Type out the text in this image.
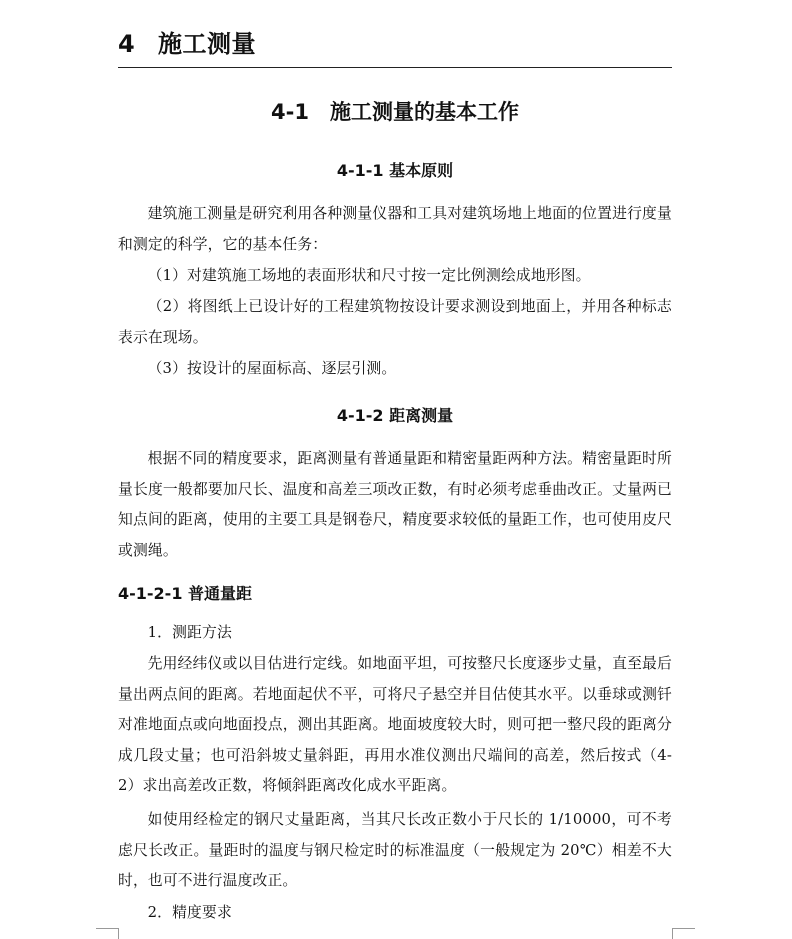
4 施工测量
4-1　施工测量的基本工作
4-1-1 基本原则
建筑施工测量是研究利用各种测量仪器和工具对建筑场地上地面的位置进行度量和测定的科学，它的基本任务：
（1）对建筑施工场地的表面形状和尺寸按一定比例测绘成地形图。
（2）将图纸上已设计好的工程建筑物按设计要求测设到地面上，并用各种标志表示在现场。
（3）按设计的屋面标高、逐层引测。
4-1-2 距离测量
根据不同的精度要求，距离测量有普通量距和精密量距两种方法。精密量距时所量长度一般都要加尺长、温度和高差三项改正数，有时必须考虑垂曲改正。丈量两已知点间的距离，使用的主要工具是钢卷尺，精度要求较低的量距工作，也可使用皮尺或测绳。
4-1-2-1 普通量距
1．测距方法
先用经纬仪或以目估进行定线。如地面平坦，可按整尺长度逐步丈量，直至最后量出两点间的距离。若地面起伏不平，可将尺子悬空并目估使其水平。以垂球或测钎对准地面点或向地面投点，测出其距离。地面坡度较大时，则可把一整尺段的距离分成几段丈量；也可沿斜坡丈量斜距，再用水准仪测出尺端间的高差，然后按式（4-2）求出高差改正数，将倾斜距离改化成水平距离。
如使用经检定的钢尺丈量距离，当其尺长改正数小于尺长的 1/10000，可不考虑尺长改正。量距时的温度与钢尺检定时的标准温度（一般规定为 20℃）相差不大时，也可不进行温度改正。
2．精度要求
